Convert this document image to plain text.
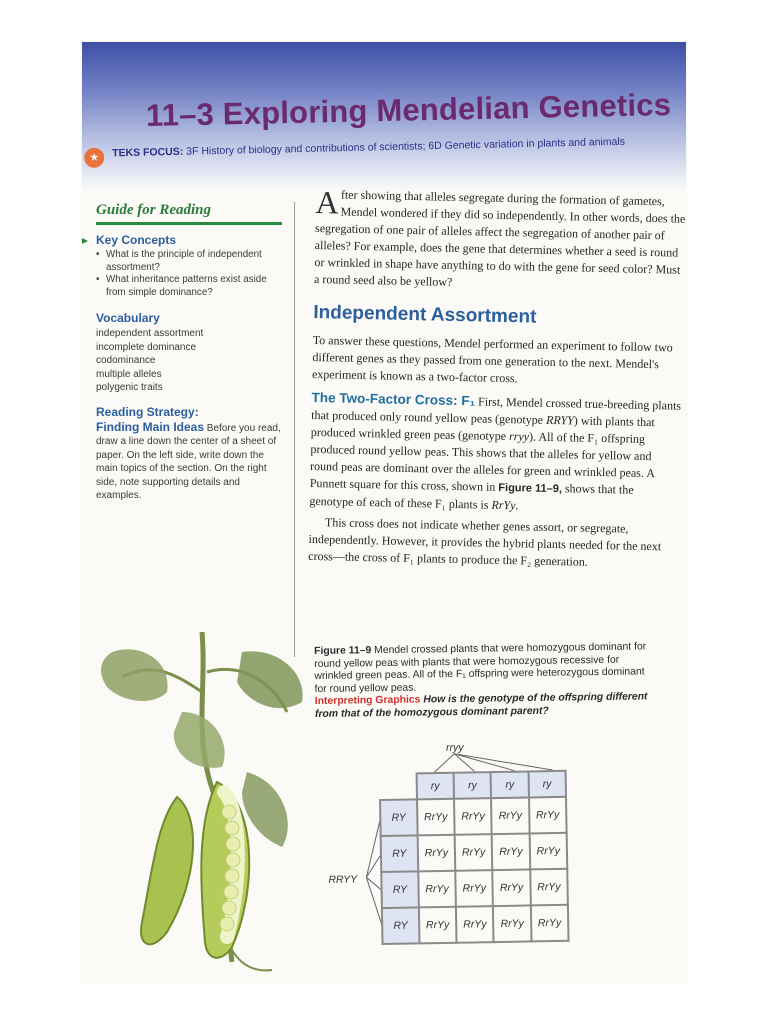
11–3 Exploring Mendelian Genetics
★	TEKS FOCUS: 3F History of biology and contributions of scientists; 6D Genetic variation in plants and animals
Guide for Reading
Key Concepts
• What is the principle of independent assortment?
• What inheritance patterns exist aside from simple dominance?
Vocabulary
independent assortment
incomplete dominance
codominance
multiple alleles
polygenic traits
Reading Strategy:

Finding Main Ideas Before you read, draw a line down the center of a sheet of paper. On the left side, write down the main topics of the section. On the right side, note supporting details and examples.

After showing that alleles segregate during the formation of gametes, Mendel wondered if they did so independently. In other words, does the segregation of one pair of alleles affect the segregation of another pair of alleles? For example, does the gene that determines whether a seed is round or wrinkled in shape have anything to do with the gene for seed color? Must a round seed also be yellow?

Independent Assortment

To answer these questions, Mendel performed an experiment to follow two different genes as they passed from one generation to the next. Mendel's experiment is known as a two-factor cross.

The Two-Factor Cross: F₁ First, Mendel crossed true-breeding plants that produced only round yellow peas (genotype RRYY) with plants that produced wrinkled green peas (genotype rryy). All of the F₁ offspring produced round yellow peas. This shows that the alleles for yellow and round peas are dominant over the alleles for green and wrinkled peas. A Punnett square for this cross, shown in Figure 11–9, shows that the genotype of each of these F₁ plants is RrYy.

This cross does not indicate whether genes assort, or segregate, independently. However, it provides the hybrid plants needed for the next cross—the cross of F₁ plants to produce the F₂ generation.

Figure 11–9 Mendel crossed plants that were homozygous dominant for round yellow peas with plants that were homozygous recessive for wrinkled green peas. All of the F₁ offspring were heterozygous dominant for round yellow peas.
Interpreting Graphics How is the genotype of the offspring different from that of the homozygous dominant parent?
rryy
RRYY
	ry	ry	ry	ry
RY	RrYy	RrYy	RrYy	RrYy
RY	RrYy	RrYy	RrYy	RrYy
RY	RrYy	RrYy	RrYy	RrYy
RY	RrYy	RrYy	RrYy	RrYy
